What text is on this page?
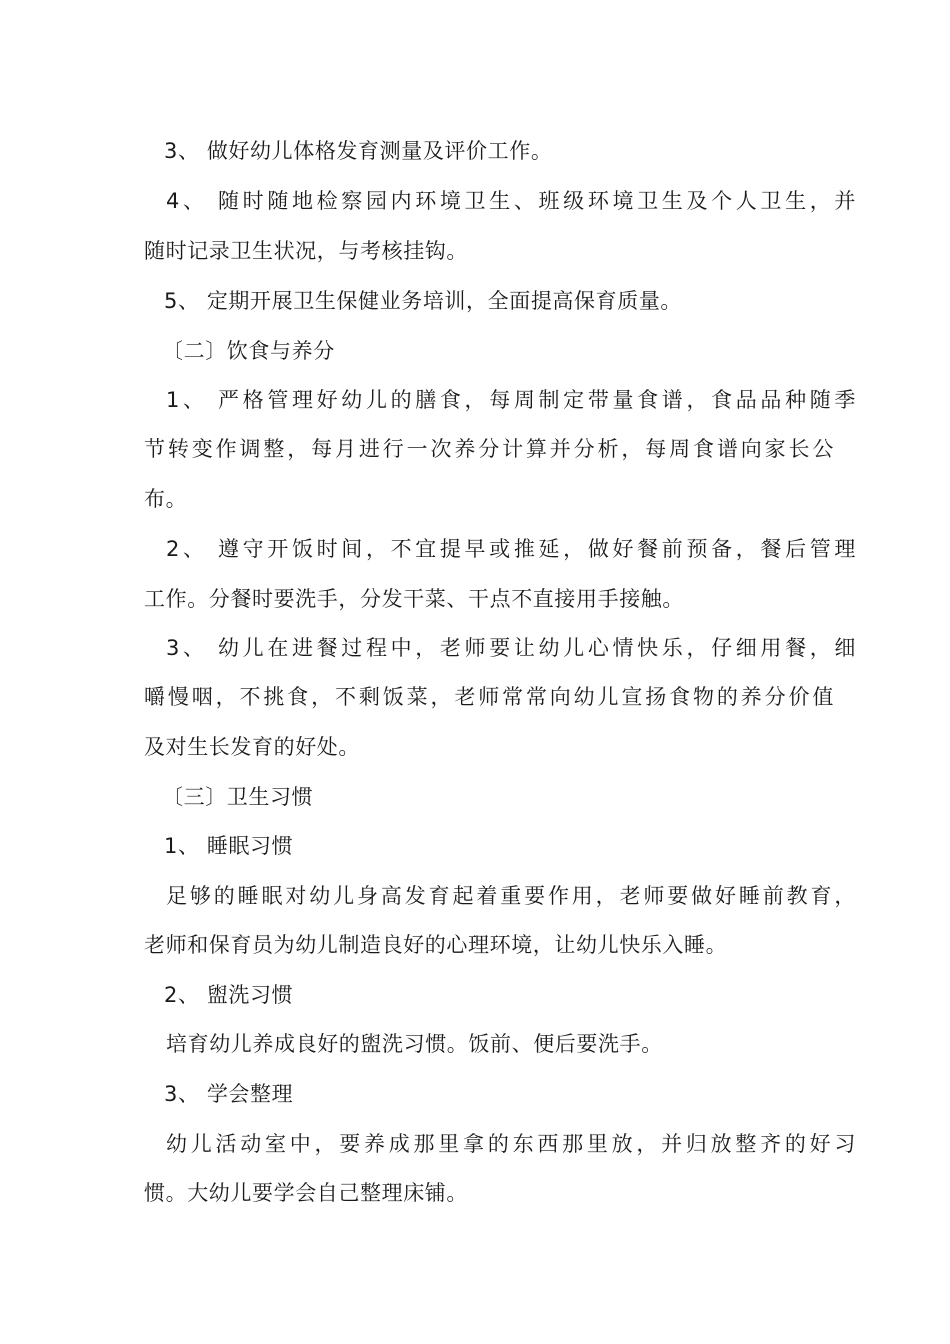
3、 做好幼儿体格发育测量及评价工作。
4、 随时随地检察园内环境卫生、班级环境卫生及个人卫生，并
随时记录卫生状况，与考核挂钩。
5、 定期开展卫生保健业务培训，全面提高保育质量。
〔二〕饮食与养分
1、 严格管理好幼儿的膳食，每周制定带量食谱，食品品种随季
节转变作调整，每月进行一次养分计算并分析，每周食谱向家长公
布。
2、 遵守开饭时间，不宜提早或推延，做好餐前预备，餐后管理
工作。分餐时要洗手，分发干菜、干点不直接用手接触。
3、 幼儿在进餐过程中，老师要让幼儿心情快乐，仔细用餐，细
嚼慢咽，不挑食，不剩饭菜，老师常常向幼儿宣扬食物的养分价值
及对生长发育的好处。
〔三〕卫生习惯
1、 睡眠习惯
足够的睡眠对幼儿身高发育起着重要作用，老师要做好睡前教育，
老师和保育员为幼儿制造良好的心理环境，让幼儿快乐入睡。
2、 盥洗习惯
培育幼儿养成良好的盥洗习惯。饭前、便后要洗手。
3、 学会整理
幼儿活动室中，要养成那里拿的东西那里放，并归放整齐的好习
惯。大幼儿要学会自己整理床铺。
